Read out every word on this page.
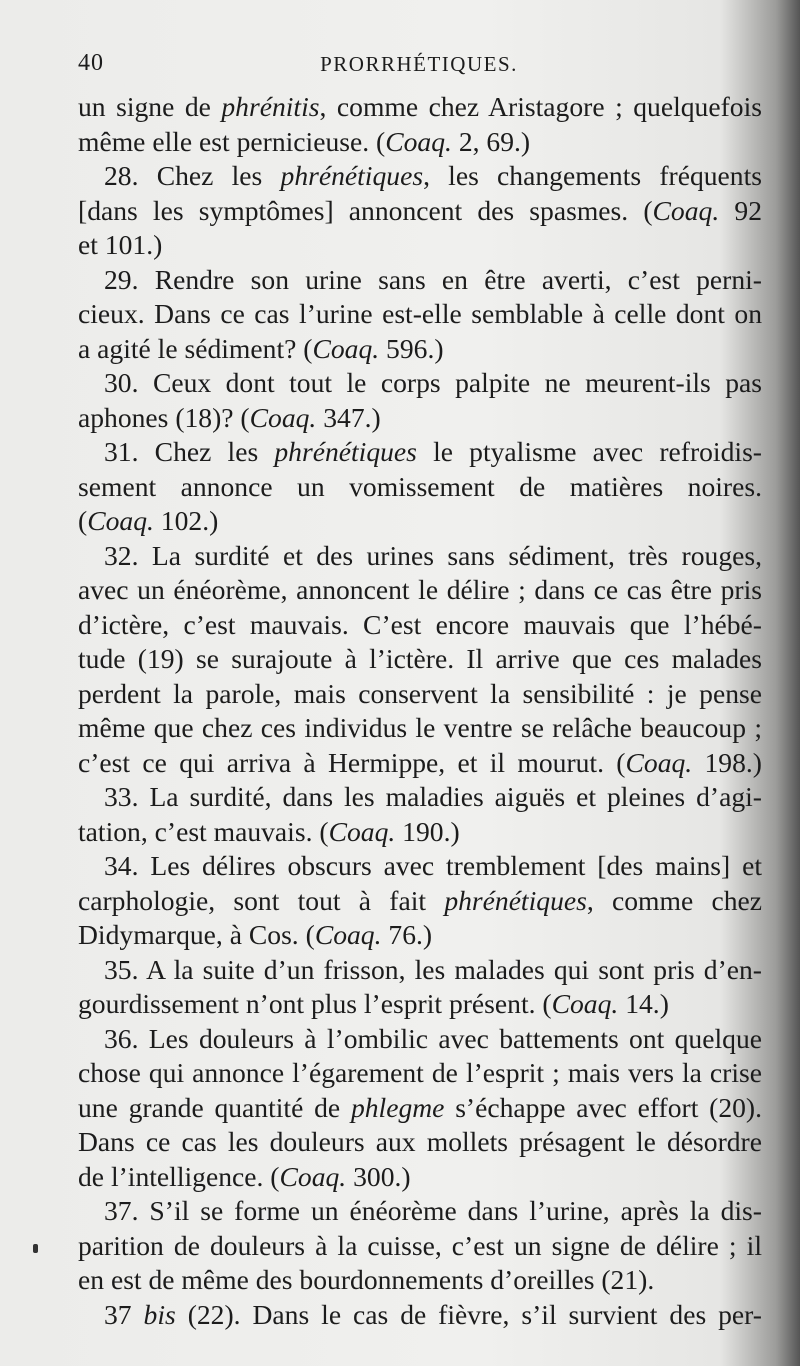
40	PRORRHÉTIQUES.
un signe de phrénitis, comme chez Aristagore ; quelquefois
même elle est pernicieuse. (Coaq. 2, 69.)
28. Chez les phrénétiques, les changements fréquents
[dans les symptômes] annoncent des spasmes. (Coaq. 92
et 101.)
29. Rendre son urine sans en être averti, c’est perni-
cieux. Dans ce cas l’urine est-elle semblable à celle dont on
a agité le sédiment? (Coaq. 596.)
30. Ceux dont tout le corps palpite ne meurent-ils pas
aphones (18)? (Coaq. 347.)
31. Chez les phrénétiques le ptyalisme avec refroidis-
sement annonce un vomissement de matières noires.
(Coaq. 102.)
32. La surdité et des urines sans sédiment, très rouges,
avec un énéorème, annoncent le délire ; dans ce cas être pris
d’ictère, c’est mauvais. C’est encore mauvais que l’hébé-
tude (19) se surajoute à l’ictère. Il arrive que ces malades
perdent la parole, mais conservent la sensibilité : je pense
même que chez ces individus le ventre se relâche beaucoup ;
c’est ce qui arriva à Hermippe, et il mourut. (Coaq. 198.)
33. La surdité, dans les maladies aiguës et pleines d’agi-
tation, c’est mauvais. (Coaq. 190.)
34. Les délires obscurs avec tremblement [des mains] et
carphologie, sont tout à fait phrénétiques, comme chez
Didymarque, à Cos. (Coaq. 76.)
35. A la suite d’un frisson, les malades qui sont pris d’en-
gourdissement n’ont plus l’esprit présent. (Coaq. 14.)
36. Les douleurs à l’ombilic avec battements ont quelque
chose qui annonce l’égarement de l’esprit ; mais vers la crise
une grande quantité de phlegme s’échappe avec effort (20).
Dans ce cas les douleurs aux mollets présagent le désordre
de l’intelligence. (Coaq. 300.)
37. S’il se forme un énéorème dans l’urine, après la dis-
parition de douleurs à la cuisse, c’est un signe de délire ; il
en est de même des bourdonnements d’oreilles (21).
37 bis (22). Dans le cas de fièvre, s’il survient des per-
